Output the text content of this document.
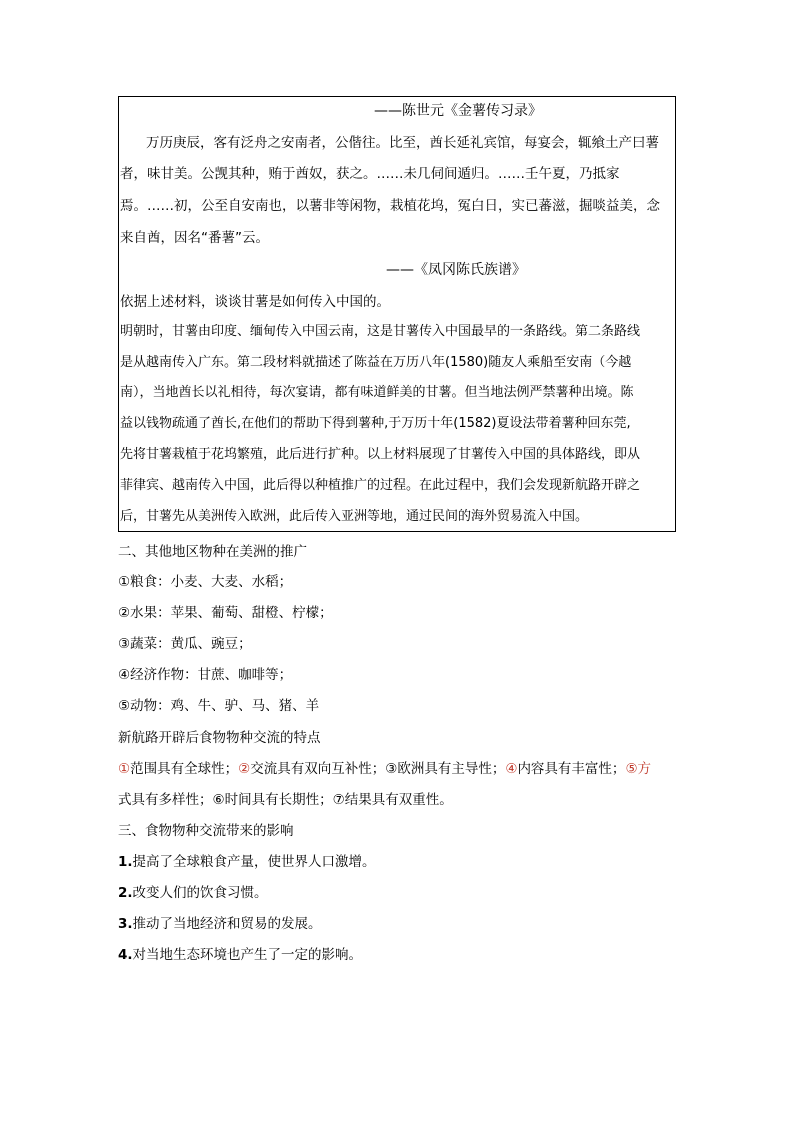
——陈世元《金薯传习录》
万历庚辰，客有泛舟之安南者，公偕往。比至，酋长延礼宾馆，每宴会，辄飨土产曰薯
者，味甘美。公觊其种，贿于酋奴，获之。……未几伺间遁归。……壬午夏，乃抵家
焉。……初，公至自安南也，以薯非等闲物，栽植花坞，冤白日，实已蕃滋，掘啖益美，念
来自酋，因名“番薯”云。
——《凤冈陈氏族谱》
依据上述材料，谈谈甘薯是如何传入中国的。
明朝时，甘薯由印度、缅甸传入中国云南，这是甘薯传入中国最早的一条路线。第二条路线
是从越南传入广东。第二段材料就描述了陈益在万历八年(1580)随友人乘船至安南（今越
南），当地酋长以礼相待，每次宴请，都有味道鲜美的甘薯。但当地法例严禁薯种出境。陈
益以钱物疏通了酋长,在他们的帮助下得到薯种,于万历十年(1582)夏设法带着薯种回东莞,
先将甘薯栽植于花坞繁殖，此后进行扩种。以上材料展现了甘薯传入中国的具体路线，即从
菲律宾、越南传入中国，此后得以种植推广的过程。在此过程中，我们会发现新航路开辟之
后，甘薯先从美洲传入欧洲，此后传入亚洲等地，通过民间的海外贸易流入中国。
二、其他地区物种在美洲的推广
①粮食：小麦、大麦、水稻；
②水果：苹果、葡萄、甜橙、柠檬；
③蔬菜：黄瓜、豌豆；
④经济作物：甘蔗、咖啡等；
⑤动物：鸡、牛、驴、马、猪、羊
新航路开辟后食物物种交流的特点
①范围具有全球性；②交流具有双向互补性；③欧洲具有主导性；④内容具有丰富性；⑤方
式具有多样性；⑥时间具有长期性；⑦结果具有双重性。
三、食物物种交流带来的影响
1.提高了全球粮食产量，使世界人口激增。
2.改变人们的饮食习惯。
3.推动了当地经济和贸易的发展。
4.对当地生态环境也产生了一定的影响。
